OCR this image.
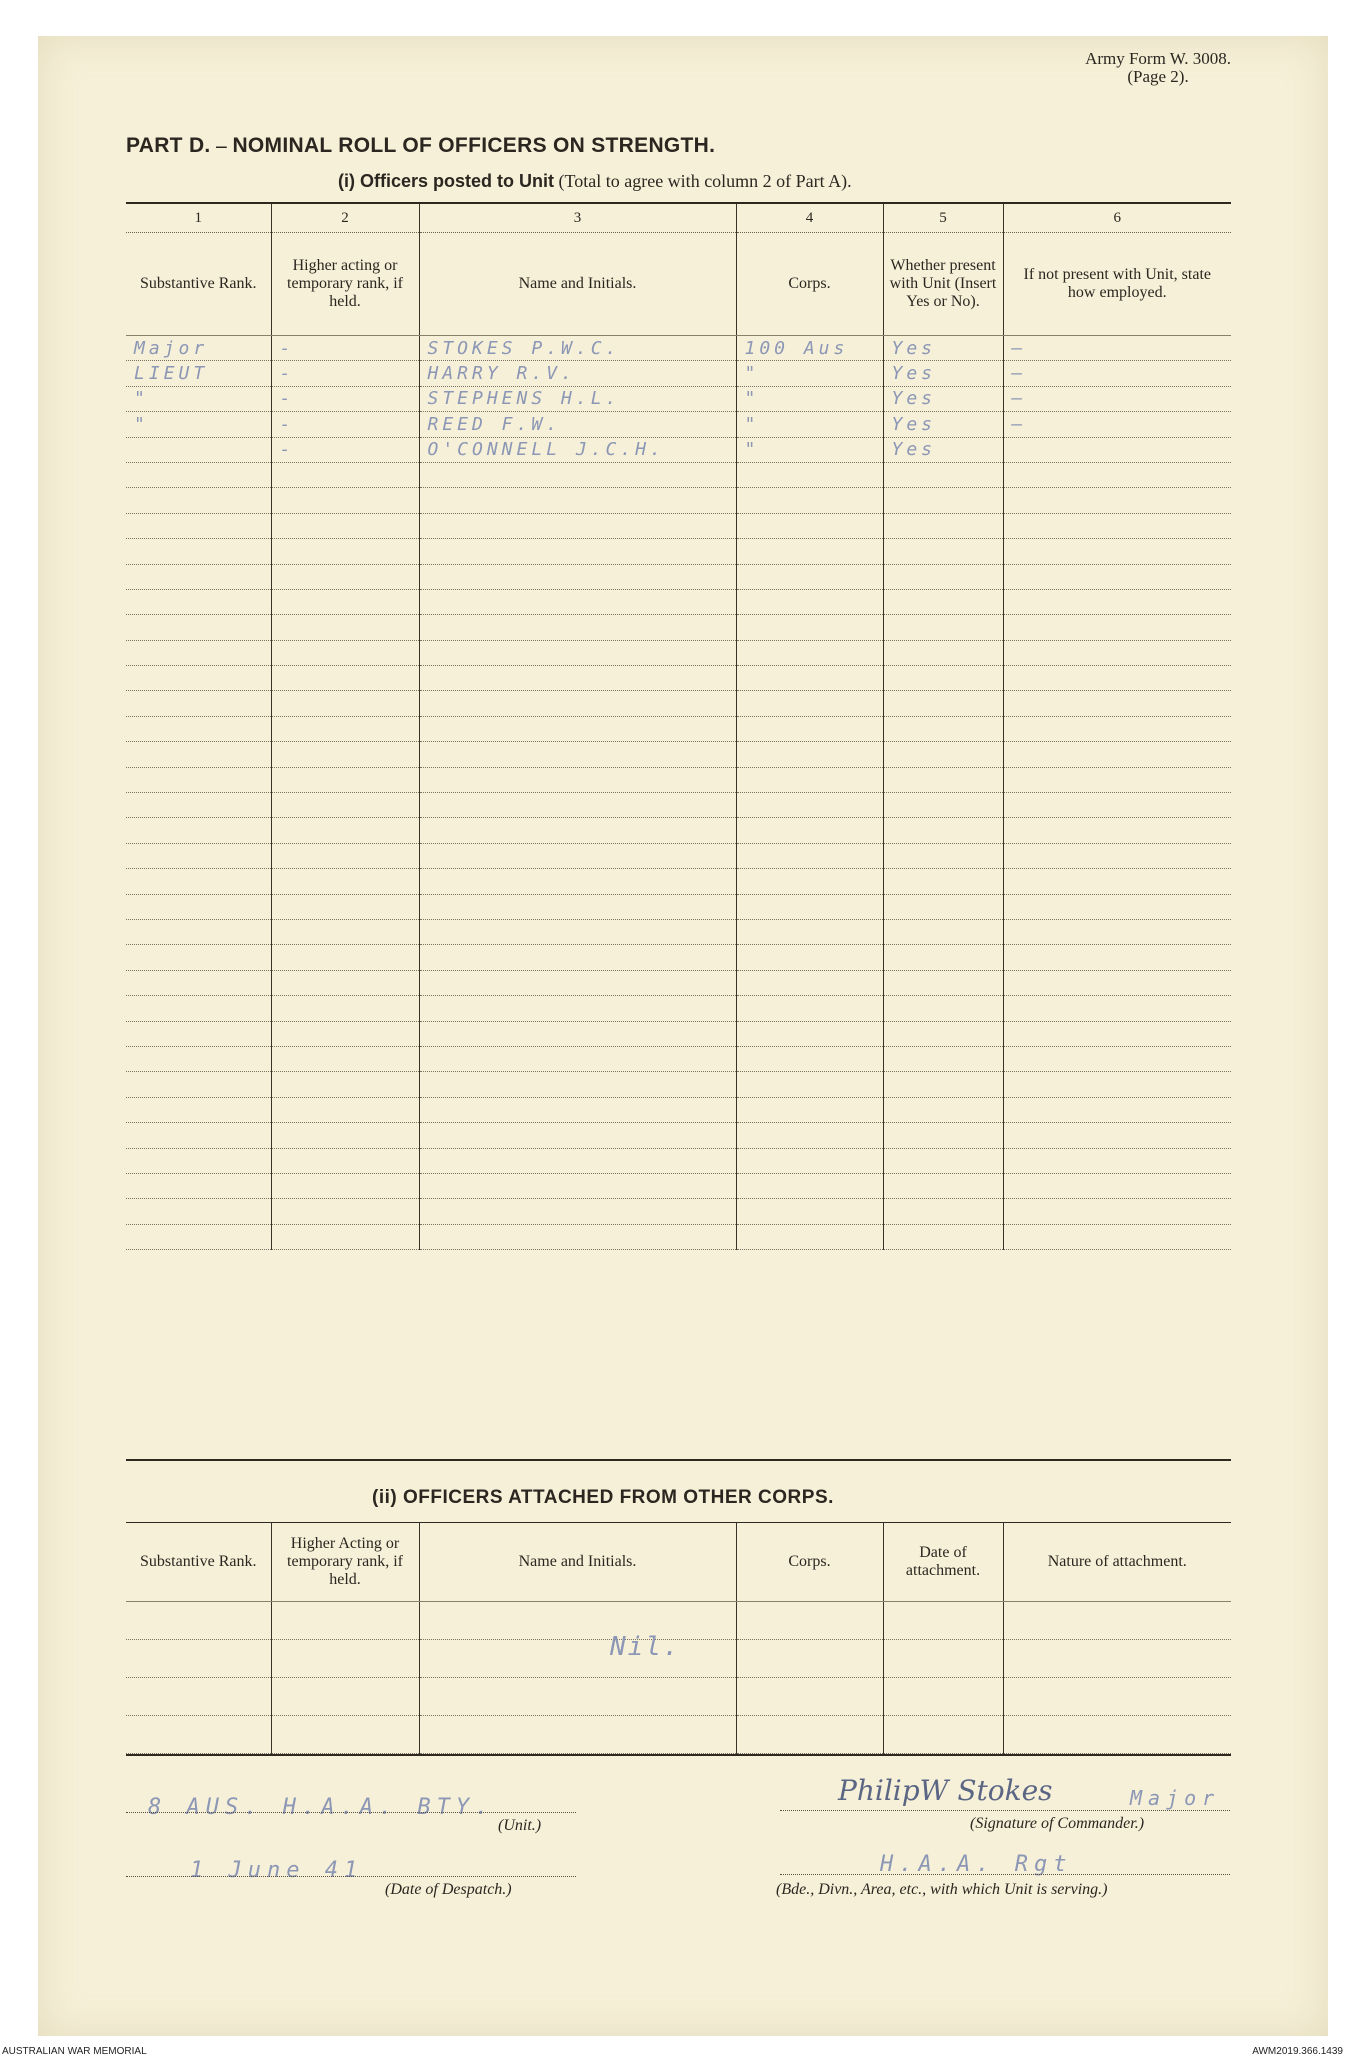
Army Form W. 3008.
(Page 2).
PART D. – NOMINAL ROLL OF OFFICERS ON STRENGTH.
(i) Officers posted to Unit (Total to agree with column 2 of Part A).
1	2	3	4	5	6
Substantive Rank.	Higher acting or temporary rank, if held.	Name and Initials.	Corps.	Whether present with Unit (Insert Yes or No).	If not present with Unit, state how employed.
Major	-	STOKES P.W.C.	100 Aus	Yes	—
LIEUT	-	HARRY R.V.	"	Yes	—
"	-	STEPHENS H.L.	"	Yes	—
"	-	REED F.W.	"	Yes	—
	-	O'CONNELL J.C.H.	"	Yes	

(ii) OFFICERS ATTACHED FROM OTHER CORPS.
Substantive Rank.	Higher Acting or temporary rank, if held.	Name and Initials.	Corps.	Date of attachment.	Nature of attachment.

Nil.
8 AUS. H.A.A. BTY.
(Unit.)
1 June 41
(Date of Despatch.)
PhilipW Stokes	Major
(Signature of Commander.)
H.A.A. Rgt
(Bde., Divn., Area, etc., with which Unit is serving.)
AUSTRALIAN WAR MEMORIAL	AWM2019.366.1439
